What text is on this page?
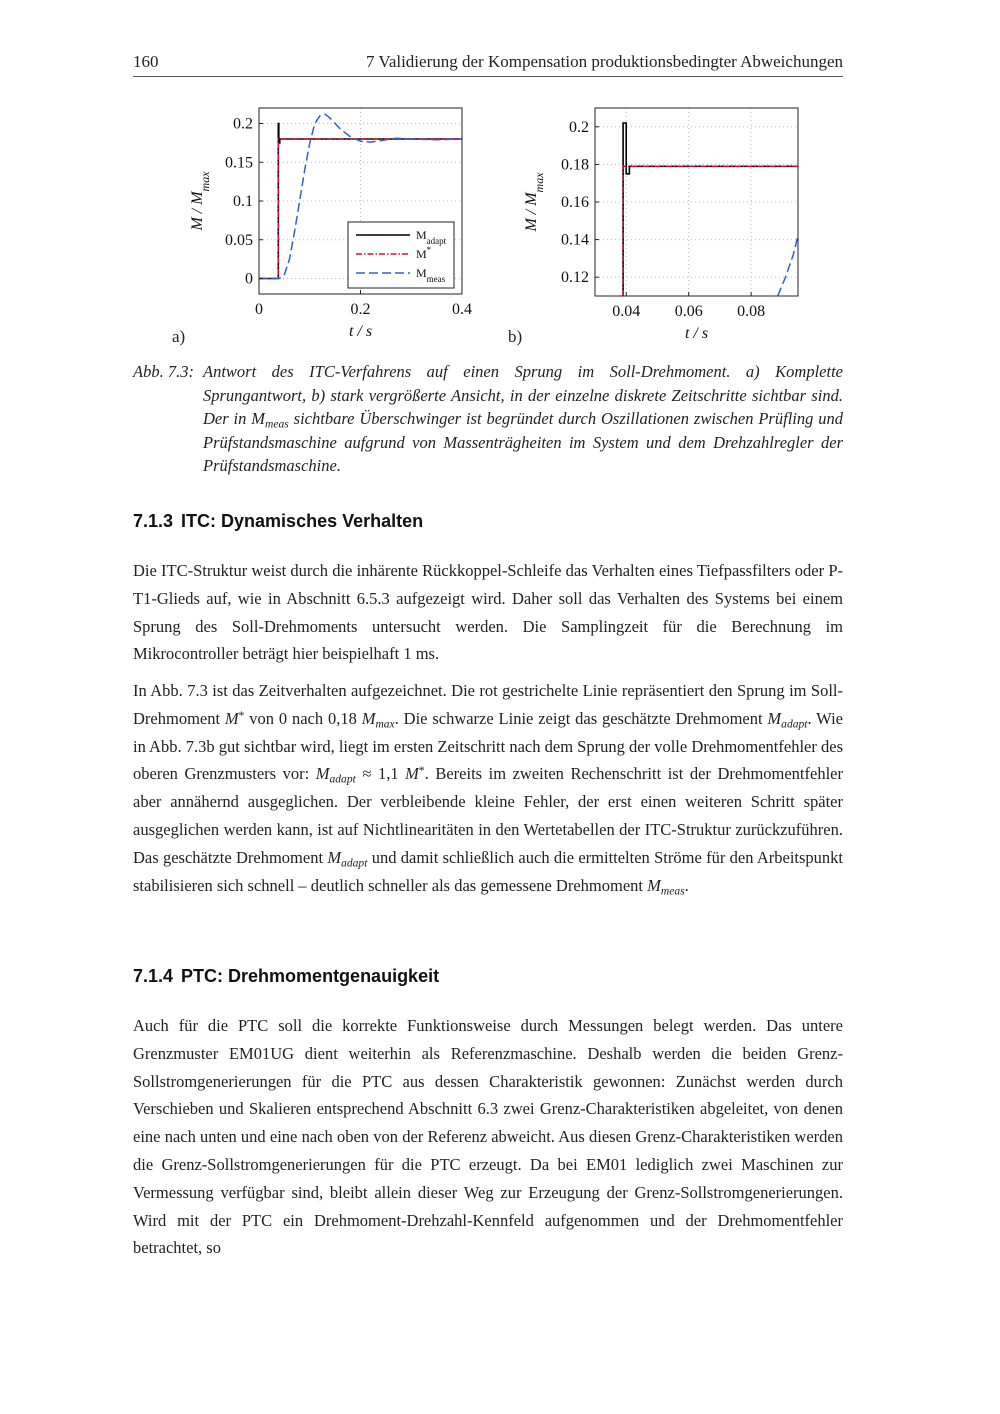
160	7 Validierung der Kompensation produktionsbedingter Abweichungen
0	0.2	0.4
0
0.05
0.1
0.15
0.2
t / s
M / $M_{max}$
$M_{adapt}$
M*
$M_{meas}$
0.04 0.06 0.08
0.12
0.14
0.16
0.18
0.2
t / s
M / $M_{max}$
a)	b)
Abb. 7.3: Antwort des ITC-Verfahrens auf einen Sprung im Soll-Drehmoment. a) Komplette Sprungantwort, b) stark vergrößerte Ansicht, in der einzelne diskrete Zeitschritte sichtbar sind. Der in $M_{meas}$ sichtbare Überschwinger ist begründet durch Oszillationen zwischen Prüfling und Prüfstandsmaschine aufgrund von Massenträgheiten im System und dem Drehzahlregler der Prüfstandsmaschine.
7.1.3 ITC: Dynamisches Verhalten

Die ITC-Struktur weist durch die inhärente Rückkoppel-Schleife das Verhalten eines Tiefpassfilters oder P-T1-Glieds auf, wie in Abschnitt 6.5.3 aufgezeigt wird. Daher soll das Verhalten des Systems bei einem Sprung des Soll-Drehmoments untersucht werden. Die Samplingzeit für die Berechnung im Mikrocontroller beträgt hier beispielhaft 1 ms.

In Abb. 7.3 ist das Zeitverhalten aufgezeichnet. Die rot gestrichelte Linie repräsentiert den Sprung im Soll-Drehmoment M* von 0 nach 0,18 $M_{max}$. Die schwarze Linie zeigt das geschätzte Drehmoment $M_{adapt}$. Wie in Abb. 7.3b gut sichtbar wird, liegt im ersten Zeitschritt nach dem Sprung der volle Drehmomentfehler des oberen Grenzmusters vor: $M_{adapt} \approx 1,1$ M*. Bereits im zweiten Rechenschritt ist der Drehmomentfehler aber annähernd ausgeglichen. Der verbleibende kleine Fehler, der erst einen weiteren Schritt später ausgeglichen werden kann, ist auf Nichtlinearitäten in den Wertetabellen der ITC-Struktur zurückzuführen. Das geschätzte Drehmoment $M_{adapt}$ und damit schließlich auch die ermittelten Ströme für den Arbeitspunkt stabilisieren sich schnell – deutlich schneller als das gemessene Drehmoment $M_{meas}$.

7.1.4 PTC: Drehmomentgenauigkeit

Auch für die PTC soll die korrekte Funktionsweise durch Messungen belegt werden. Das untere Grenzmuster EM01UG dient weiterhin als Referenzmaschine. Deshalb werden die beiden Grenz-Sollstromgenerierungen für die PTC aus dessen Charakteristik gewonnen: Zunächst werden durch Verschieben und Skalieren entsprechend Abschnitt 6.3 zwei Grenz-Charakteristiken abgeleitet, von denen eine nach unten und eine nach oben von der Referenz abweicht. Aus diesen Grenz-Charakteristiken werden die Grenz-Sollstromgenerierungen für die PTC erzeugt. Da bei EM01 lediglich zwei Maschinen zur Vermessung verfügbar sind, bleibt allein dieser Weg zur Erzeugung der Grenz-Sollstromgenerierungen. Wird mit der PTC ein Drehmoment-Drehzahl-Kennfeld aufgenommen und der Drehmomentfehler betrachtet, so
